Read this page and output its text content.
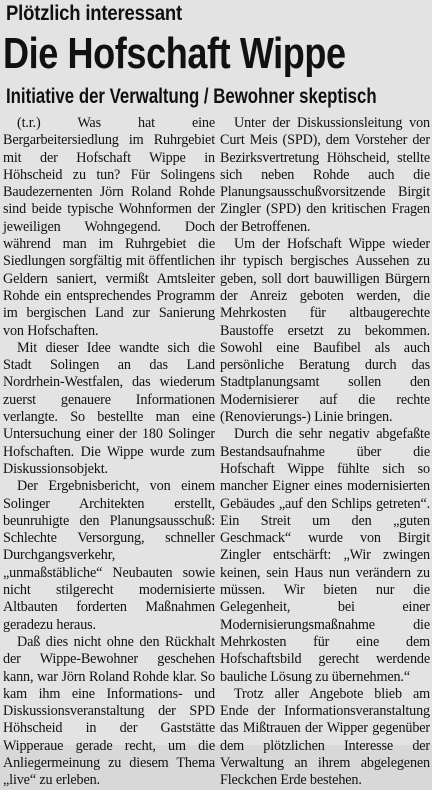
Plötzlich interessant
Die Hofschaft Wippe
Initiative der Verwaltung / Bewohner skeptisch

(t.r.) Was hat eine Bergarbeitersiedlung im Ruhrgebiet mit der Hofschaft Wippe in Höhscheid zu tun? Für Solingens Baudezernenten Jörn Roland Rohde sind beide typische Wohnformen der jeweiligen Wohngegend. Doch während man im Ruhrgebiet die Siedlungen sorgfältig mit öffentlichen Geldern saniert, vermißt Amtsleiter Rohde ein entsprechendes Programm im bergischen Land zur Sanierung von Hofschaften.

Mit dieser Idee wandte sich die Stadt Solingen an das Land Nordrhein-Westfalen, das wiederum zuerst genauere Informationen verlangte. So bestellte man eine Untersuchung einer der 180 Solinger Hofschaften. Die Wippe wurde zum Diskussionsobjekt.

Der Ergebnisbericht, von einem Solinger Architekten erstellt, beunruhigte den Planungsausschuß: Schlechte Versorgung, schneller Durchgangsverkehr, „unmaßstäbliche“ Neubauten sowie nicht stilgerecht modernisierte Altbauten forderten Maßnahmen geradezu heraus.

Daß dies nicht ohne den Rückhalt der Wippe-Bewohner geschehen kann, war Jörn Roland Rohde klar. So kam ihm eine Informations- und Diskussionsveranstaltung der SPD Höhscheid in der Gaststätte Wipperaue gerade recht, um die Anliegermeinung zu diesem Thema „live“ zu erleben.

Unter der Diskussionsleitung von Curt Meis (SPD), dem Vorsteher der Bezirksvertretung Höhscheid, stellte sich neben Rohde auch die Planungsausschußvorsitzende Birgit Zingler (SPD) den kritischen Fragen der Betroffenen.

Um der Hofschaft Wippe wieder ihr typisch bergisches Aussehen zu geben, soll dort bauwilligen Bürgern der Anreiz geboten werden, die Mehrkosten für altbaugerechte Baustoffe ersetzt zu bekommen. Sowohl eine Baufibel als auch persönliche Beratung durch das Stadtplanungsamt sollen den Modernisierer auf die rechte (Renovierungs-) Linie bringen.

Durch die sehr negativ abgefaßte Bestandsaufnahme über die Hofschaft Wippe fühlte sich so mancher Eigner eines modernisierten Gebäudes „auf den Schlips getreten“. Ein Streit um den „guten Geschmack“ wurde von Birgit Zingler entschärft: „Wir zwingen keinen, sein Haus nun verändern zu müssen. Wir bieten nur die Gelegenheit, bei einer Modernisierungsmaßnahme die Mehrkosten für eine dem Hofschaftsbild gerecht werdende bauliche Lösung zu übernehmen.“

Trotz aller Angebote blieb am Ende der Informationsveranstaltung das Mißtrauen der Wipper gegenüber dem plötzlichen Interesse der Verwaltung an ihrem abgelegenen Fleckchen Erde bestehen.
